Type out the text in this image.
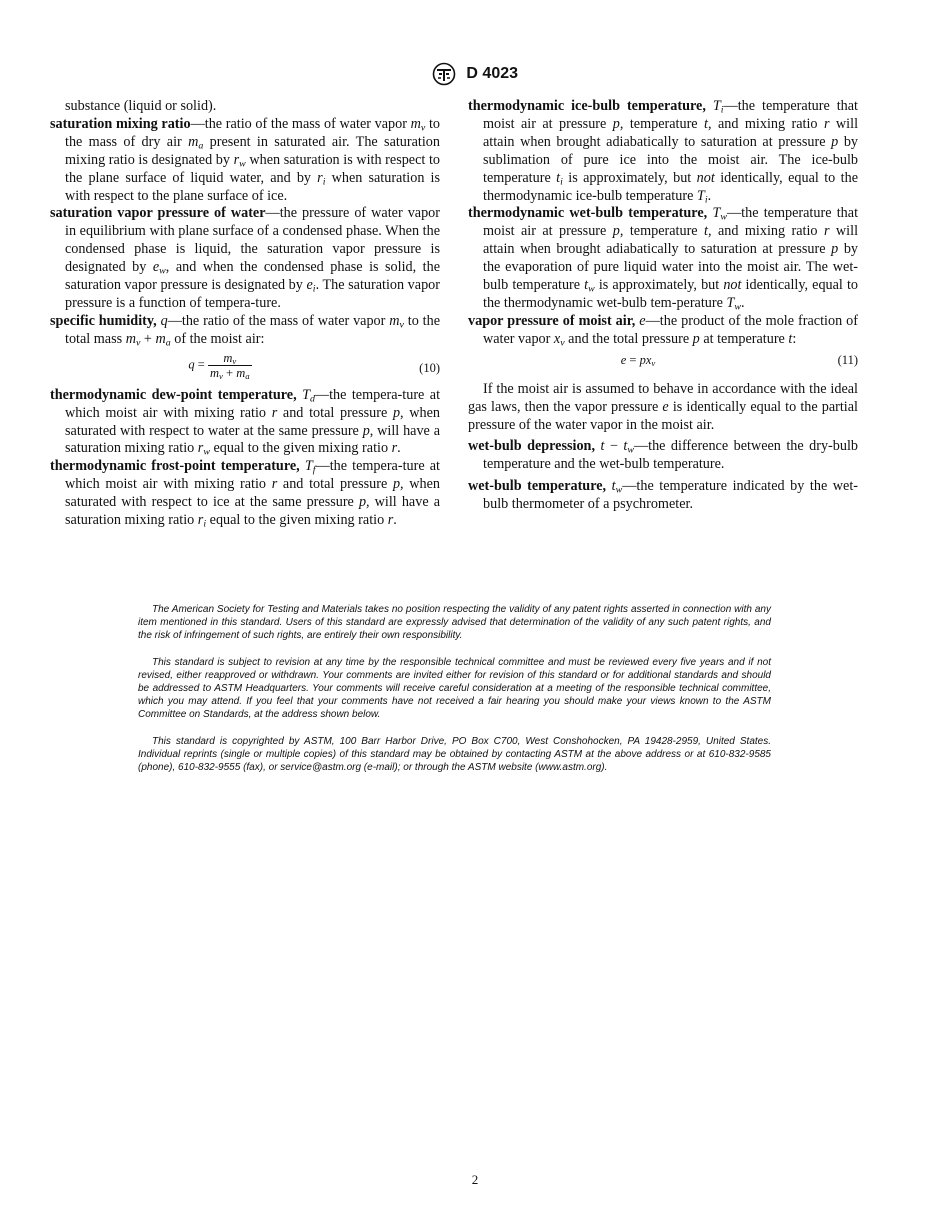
D 4023

substance (liquid or solid).

saturation mixing ratio—the ratio of the mass of water vapor $m_v$ to the mass of dry air $m_a$ present in saturated air. The saturation mixing ratio is designated by $r_w$ when saturation is with respect to the plane surface of liquid water, and by $r_i$ when saturation is with respect to the plane surface of ice.

saturation vapor pressure of water—the pressure of water vapor in equilibrium with plane surface of a condensed phase. When the condensed phase is liquid, the saturation vapor pressure is designated by $e_w$, and when the condensed phase is solid, the saturation vapor pressure is designated by $e_i$. The saturation vapor pressure is a function of tempera-ture.

specific humidity, q—the ratio of the mass of water vapor $m_v$ to the total mass $m_v + m_a$ of the moist air:

$q = \frac{m_v}{m_v + m_a}$	(10)

thermodynamic dew-point temperature, $T_d—the$ tempera-ture at which moist air with mixing ratio r and total pressure p, when saturated with respect to water at the same pressure p, will have a saturation mixing ratio $r_w$ equal to the given mixing ratio r.

thermodynamic frost-point temperature, $T_f—the$ tempera-ture at which moist air with mixing ratio r and total pressure p, when saturated with respect to ice at the same pressure p, will have a saturation mixing ratio $r_i$ equal to the given mixing ratio r.

thermodynamic ice-bulb temperature, $T_i—the$ temperature that moist air at pressure p, temperature t, and mixing ratio r will attain when brought adiabatically to saturation at pressure p by sublimation of pure ice into the moist air. The ice-bulb temperature $t_i$ is approximately, but not identically, equal to the thermodynamic ice-bulb temperature $T_i$.

thermodynamic wet-bulb temperature, $T_w—the$ temperature that moist air at pressure p, temperature t, and mixing ratio r will attain when brought adiabatically to saturation at pressure p by the evaporation of pure liquid water into the moist air. The wet-bulb temperature $t_w$ is approximately, but not identically, equal to the thermodynamic wet-bulb tem-perature $T_w$.

vapor pressure of moist air, e—the product of the mole fraction of water vapor $x_v$ and the total pressure p at temperature t:

$e = px_v$	(11)

If the moist air is assumed to behave in accordance with the ideal gas laws, then the vapor pressure e is identically equal to the partial pressure of the water vapor in the moist air.

wet-bulb depression, $t - t_w—the$ difference between the dry-bulb temperature and the wet-bulb temperature.

wet-bulb temperature, $t_w—the$ temperature indicated by the wet-bulb thermometer of a psychrometer.

The American Society for Testing and Materials takes no position respecting the validity of any patent rights asserted in connection with any item mentioned in this standard. Users of this standard are expressly advised that determination of the validity of any such patent rights, and the risk of infringement of such rights, are entirely their own responsibility.

This standard is subject to revision at any time by the responsible technical committee and must be reviewed every five years and if not revised, either reapproved or withdrawn. Your comments are invited either for revision of this standard or for additional standards and should be addressed to ASTM Headquarters. Your comments will receive careful consideration at a meeting of the responsible technical committee, which you may attend. If you feel that your comments have not received a fair hearing you should make your views known to the ASTM Committee on Standards, at the address shown below.

This standard is copyrighted by ASTM, 100 Barr Harbor Drive, PO Box C700, West Conshohocken, PA 19428-2959, United States. Individual reprints (single or multiple copies) of this standard may be obtained by contacting ASTM at the above address or at 610-832-9585 (phone), 610-832-9555 (fax), or service@astm.org (e-mail); or through the ASTM website (www.astm.org).

2
